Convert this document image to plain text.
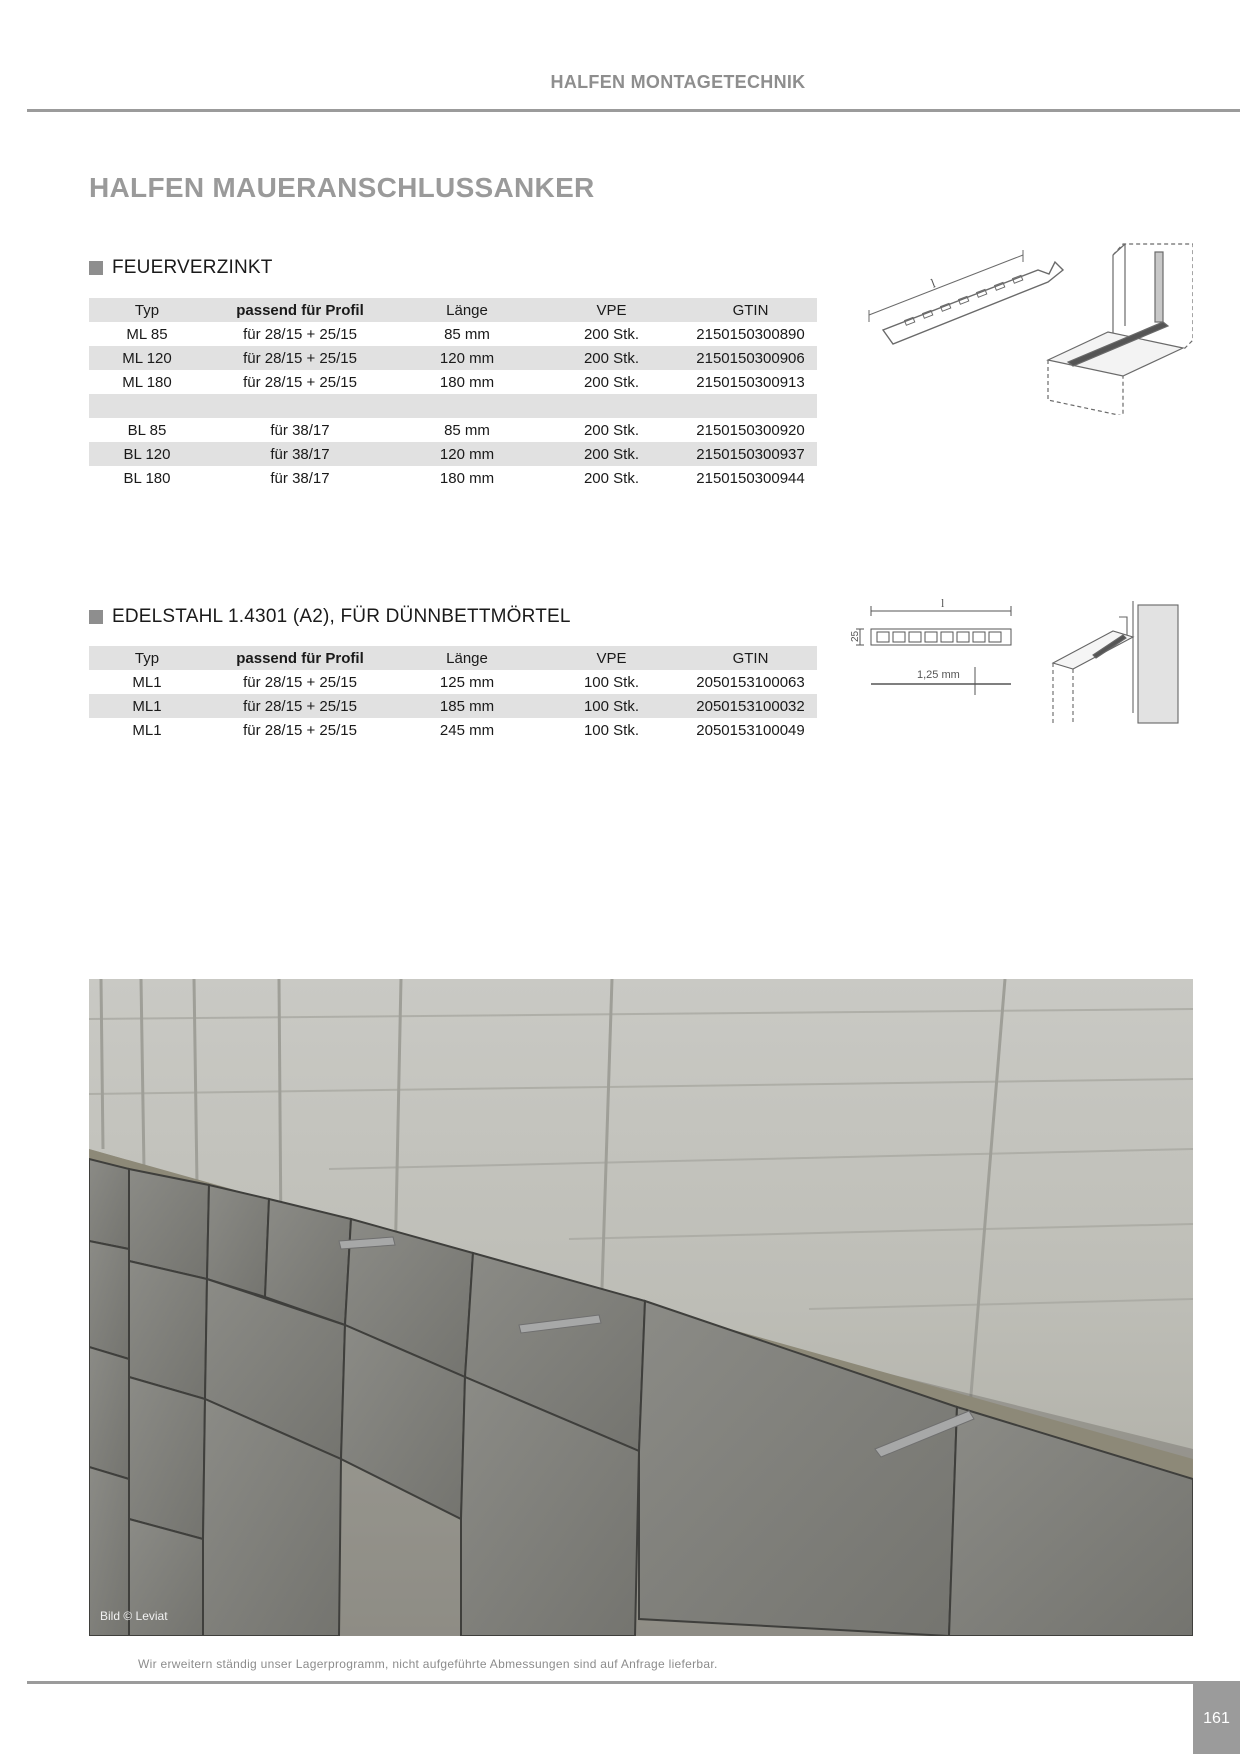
HALFEN MONTAGETECHNIK
HALFEN MAUERANSCHLUSSANKER
FEUERVERZINKT
Typ	passend für Profil	Länge	VPE	GTIN
ML 85	für 28/15 + 25/15	85 mm	200 Stk.	2150150300890
ML 120	für 28/15 + 25/15	120 mm	200 Stk.	2150150300906
ML 180	für 28/15 + 25/15	180 mm	200 Stk.	2150150300913

BL 85	für 38/17	85 mm	200 Stk.	2150150300920
BL 120	für 38/17	120 mm	200 Stk.	2150150300937
BL 180	für 38/17	180 mm	200 Stk.	2150150300944
l
EDELSTAHL 1.4301 (A2), FÜR DÜNNBETTMÖRTEL
Typ	passend für Profil	Länge	VPE	GTIN
ML1	für 28/15 + 25/15	125 mm	100 Stk.	2050153100063
ML1	für 28/15 + 25/15	185 mm	100 Stk.	2050153100032
ML1	für 28/15 + 25/15	245 mm	100 Stk.	2050153100049
l
25
1,25 mm
Bild © Leviat
Wir erweitern ständig unser Lagerprogramm, nicht aufgeführte Abmessungen sind auf Anfrage lieferbar.
161
